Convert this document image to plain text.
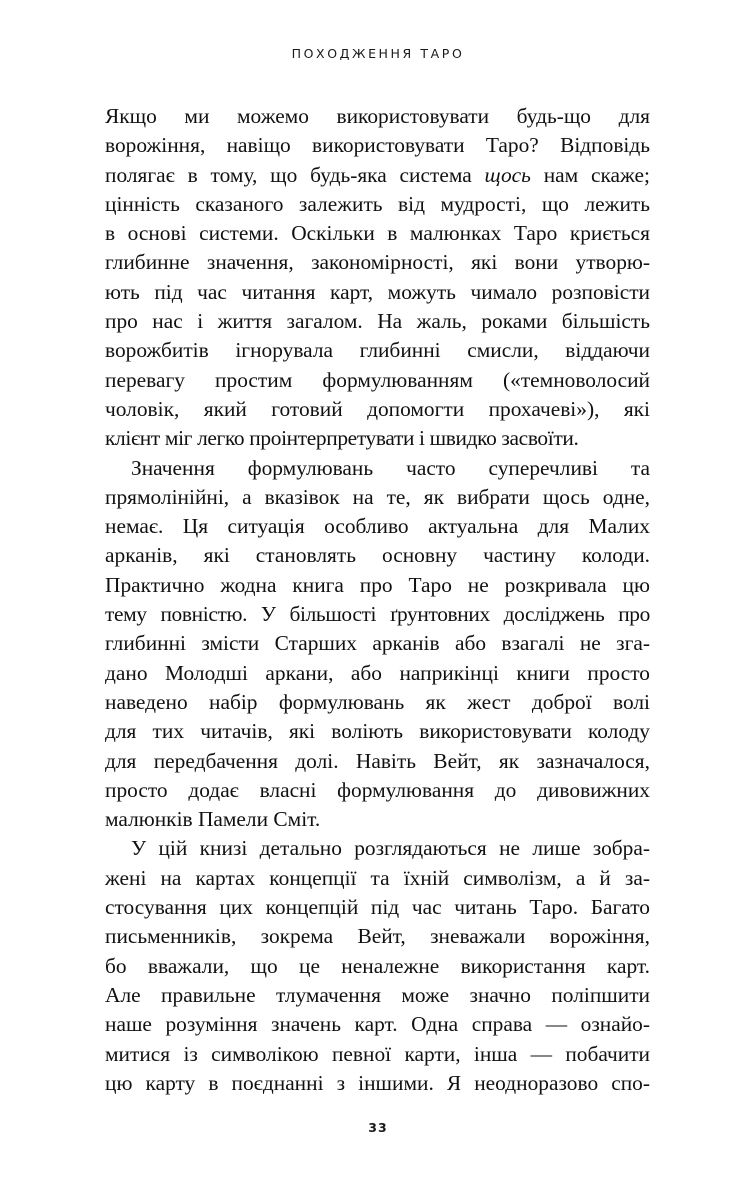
ПОХОДЖЕННЯ ТАРО
Якщо ми можемо використовувати будь-що для
ворожіння, навіщо використовувати Таро? Відповідь
полягає в тому, що будь-яка система щось нам скаже;
цінність сказаного залежить від мудрості, що лежить
в основі системи. Оскільки в малюнках Таро криється
глибинне значення, закономірності, які вони утворю-
ють під час читання карт, можуть чимало розповісти
про нас і життя загалом. На жаль, роками більшість
ворожбитів ігнорувала глибинні смисли, віддаючи
перевагу простим формулюванням («темноволосий
чоловік, який готовий допомогти прохачеві»), які
клієнт міг легко проінтерпретувати і швидко засвоїти.
Значення формулювань часто суперечливі та
прямолінійні, а вказівок на те, як вибрати щось одне,
немає. Ця ситуація особливо актуальна для Малих
арканів, які становлять основну частину колоди.
Практично жодна книга про Таро не розкривала цю
тему повністю. У більшості ґрунтовних досліджень про
глибинні змісти Старших арканів або взагалі не зга-
дано Молодші аркани, або наприкінці книги просто
наведено набір формулювань як жест доброї волі
для тих читачів, які воліють використовувати колоду
для передбачення долі. Навіть Вейт, як зазначалося,
просто додає власні формулювання до дивовижних
малюнків Памели Сміт.
У цій книзі детально розглядаються не лише зобра-
жені на картах концепції та їхній символізм, а й за-
стосування цих концепцій під час читань Таро. Багато
письменників, зокрема Вейт, зневажали ворожіння,
бо вважали, що це неналежне використання карт.
Але правильне тлумачення може значно поліпшити
наше розуміння значень карт. Одна справа — ознайо-
митися із символікою певної карти, інша — побачити
цю карту в поєднанні з іншими. Я неодноразово спо-
33
